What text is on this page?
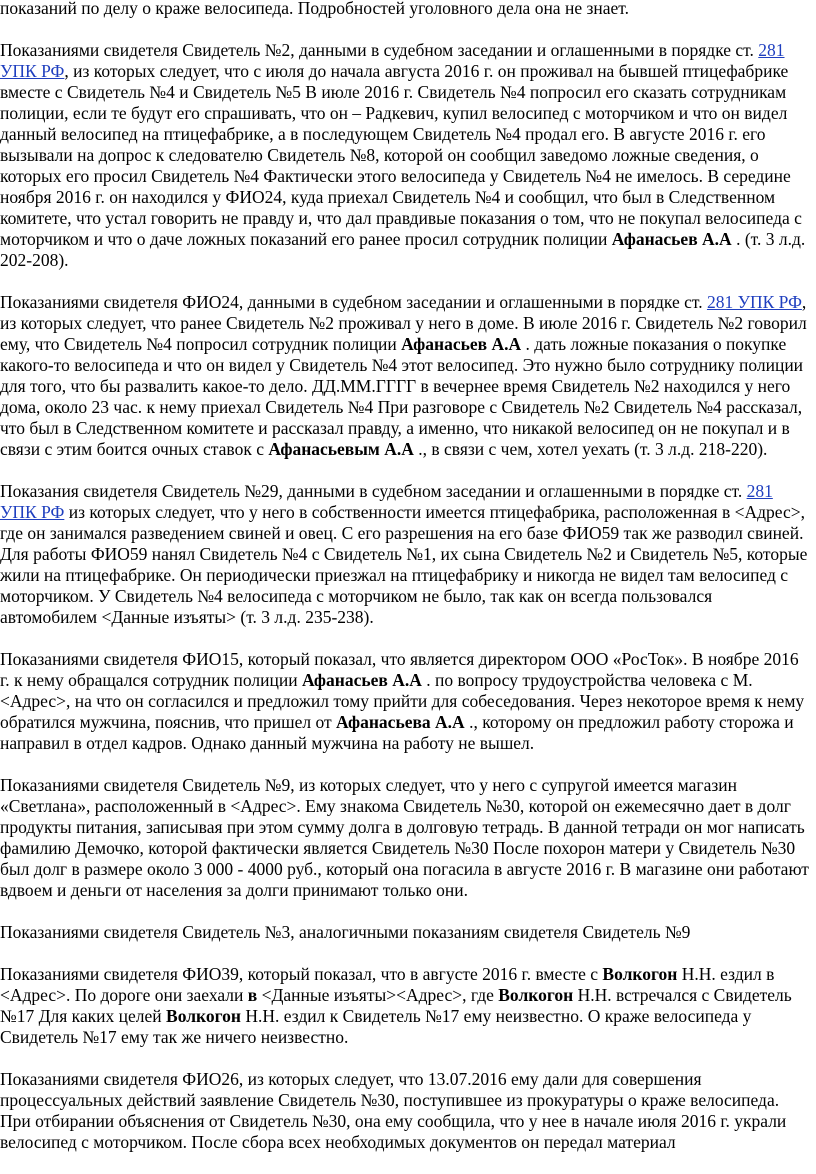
показаний по делу о краже велосипеда. Подробностей уголовного дела она не знает.

Показаниями свидетеля Свидетель №2, данными в судебном заседании и оглашенными в порядке ст. 281 УПК РФ, из которых следует, что с июля до начала августа 2016 г. он проживал на бывшей птицефабрике вместе с Свидетель №4 и Свидетель №5 В июле 2016 г. Свидетель №4 попросил его сказать сотрудникам полиции, если те будут его спрашивать, что он – Радкевич, купил велосипед с моторчиком и что он видел данный велосипед на птицефабрике, а в последующем Свидетель №4 продал его. В августе 2016 г. его вызывали на допрос к следователю Свидетель №8, которой он сообщил заведомо ложные сведения, о которых его просил Свидетель №4 Фактически этого велосипеда у Свидетель №4 не имелось. В середине ноября 2016 г. он находился у ФИО24, куда приехал Свидетель №4 и сообщил, что был в Следственном комитете, что устал говорить не правду и, что дал правдивые показания о том, что не покупал велосипеда с моторчиком и что о даче ложных показаний его ранее просил сотрудник полиции Афанасьев А.А . (т. 3 л.д. 202-208).

Показаниями свидетеля ФИО24, данными в судебном заседании и оглашенными в порядке ст. 281 УПК РФ, из которых следует, что ранее Свидетель №2 проживал у него в доме. В июле 2016 г. Свидетель №2 говорил ему, что Свидетель №4 попросил сотрудник полиции Афанасьев А.А . дать ложные показания о покупке какого-то велосипеда и что он видел у Свидетель №4 этот велосипед. Это нужно было сотруднику полиции для того, что бы развалить какое-то дело. ДД.ММ.ГГГГ в вечернее время Свидетель №2 находился у него дома, около 23 час. к нему приехал Свидетель №4 При разговоре с Свидетель №2 Свидетель №4 рассказал, что был в Следственном комитете и рассказал правду, а именно, что никакой велосипед он не покупал и в связи с этим боится очных ставок с Афанасьевым А.А ., в связи с чем, хотел уехать (т. 3 л.д. 218-220).

Показания свидетеля Свидетель №29, данными в судебном заседании и оглашенными в порядке ст. 281 УПК РФ из которых следует, что у него в собственности имеется птицефабрика, расположенная в <Адрес>, где он занимался разведением свиней и овец. С его разрешения на его базе ФИО59 так же разводил свиней. Для работы ФИО59 нанял Свидетель №4 с Свидетель №1, их сына Свидетель №2 и Свидетель №5, которые жили на птицефабрике. Он периодически приезжал на птицефабрику и никогда не видел там велосипед с моторчиком. У Свидетель №4 велосипеда с моторчиком не было, так как он всегда пользовался автомобилем <Данные изъяты> (т. 3 л.д. 235-238).

Показаниями свидетеля ФИО15, который показал, что является директором ООО «РосТок». В ноябре 2016 г. к нему обращался сотрудник полиции Афанасьев А.А . по вопросу трудоустройства человека с М.<Адрес>, на что он согласился и предложил тому прийти для собеседования. Через некоторое время к нему обратился мужчина, пояснив, что пришел от Афанасьева А.А ., которому он предложил работу сторожа и направил в отдел кадров. Однако данный мужчина на работу не вышел.

Показаниями свидетеля Свидетель №9, из которых следует, что у него с супругой имеется магазин «Светлана», расположенный в <Адрес>. Ему знакома Свидетель №30, которой он ежемесячно дает в долг продукты питания, записывая при этом сумму долга в долговую тетрадь. В данной тетради он мог написать фамилию Демочко, которой фактически является Свидетель №30 После похорон матери у Свидетель №30 был долг в размере около 3 000 - 4000 руб., который она погасила в августе 2016 г. В магазине они работают вдвоем и деньги от населения за долги принимают только они.

Показаниями свидетеля Свидетель №3, аналогичными показаниям свидетеля Свидетель №9

Показаниями свидетеля ФИО39, который показал, что в августе 2016 г. вместе с Волкогон Н.Н. ездил в <Адрес>. По дороге они заехали в <Данные изъяты><Адрес>, где Волкогон Н.Н. встречался с Свидетель №17 Для каких целей Волкогон Н.Н. ездил к Свидетель №17 ему неизвестно. О краже велосипеда у Свидетель №17 ему так же ничего неизвестно.

Показаниями свидетеля ФИО26, из которых следует, что 13.07.2016 ему дали для совершения процессуальных действий заявление Свидетель №30, поступившее из прокуратуры о краже велосипеда. При отбирании объяснения от Свидетель №30, она ему сообщила, что у нее в начале июля 2016 г. украли велосипед с моторчиком. После сбора всех необходимых документов он передал материал
